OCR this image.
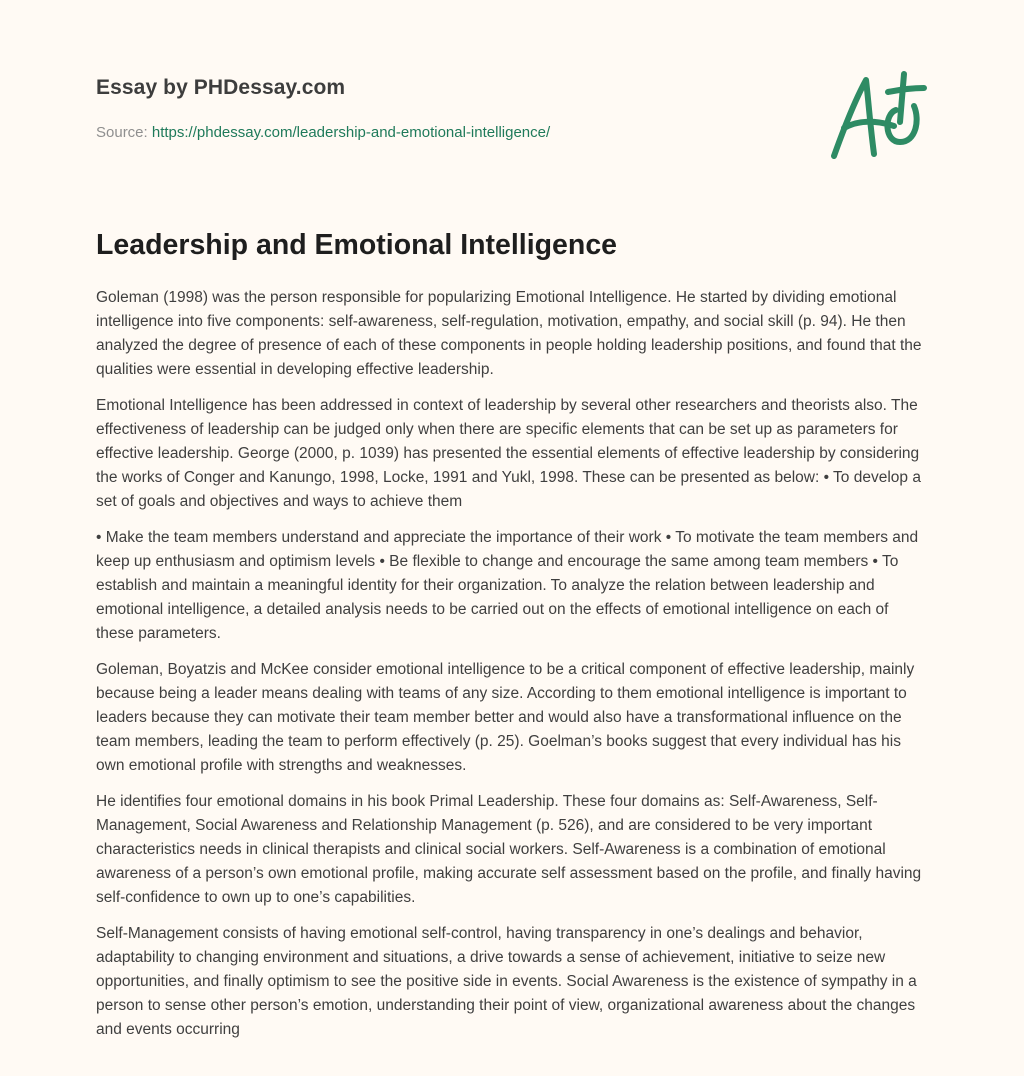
Essay by PHDessay.com
Source: https://phdessay.com/leadership-and-emotional-intelligence/
Leadership and Emotional Intelligence

Goleman (1998) was the person responsible for popularizing Emotional Intelligence. He started by dividing emotional intelligence into five components: self-awareness, self-regulation, motivation, empathy, and social skill (p. 94). He then analyzed the degree of presence of each of these components in people holding leadership positions, and found that the qualities were essential in developing effective leadership.

Emotional Intelligence has been addressed in context of leadership by several other researchers and theorists also. The effectiveness of leadership can be judged only when there are specific elements that can be set up as parameters for effective leadership. George (2000, p. 1039) has presented the essential elements of effective leadership by considering the works of Conger and Kanungo, 1998, Locke, 1991 and Yukl, 1998. These can be presented as below: • To develop a set of goals and objectives and ways to achieve them

• Make the team members understand and appreciate the importance of their work • To motivate the team members and keep up enthusiasm and optimism levels • Be flexible to change and encourage the same among team members • To establish and maintain a meaningful identity for their organization. To analyze the relation between leadership and emotional intelligence, a detailed analysis needs to be carried out on the effects of emotional intelligence on each of these parameters.

Goleman, Boyatzis and McKee consider emotional intelligence to be a critical component of effective leadership, mainly because being a leader means dealing with teams of any size. According to them emotional intelligence is important to leaders because they can motivate their team member better and would also have a transformational influence on the team members, leading the team to perform effectively (p. 25). Goelman’s books suggest that every individual has his own emotional profile with strengths and weaknesses.

He identifies four emotional domains in his book Primal Leadership. These four domains as: Self-Awareness, Self-Management, Social Awareness and Relationship Management (p. 526), and are considered to be very important characteristics needs in clinical therapists and clinical social workers. Self-Awareness is a combination of emotional awareness of a person’s own emotional profile, making accurate self assessment based on the profile, and finally having self-confidence to own up to one’s capabilities.

Self-Management consists of having emotional self-control, having transparency in one’s dealings and behavior, adaptability to changing environment and situations, a drive towards a sense of achievement, initiative to seize new opportunities, and finally optimism to see the positive side in events. Social Awareness is the existence of sympathy in a person to sense other person’s emotion, understanding their point of view, organizational awareness about the changes and events occurring
